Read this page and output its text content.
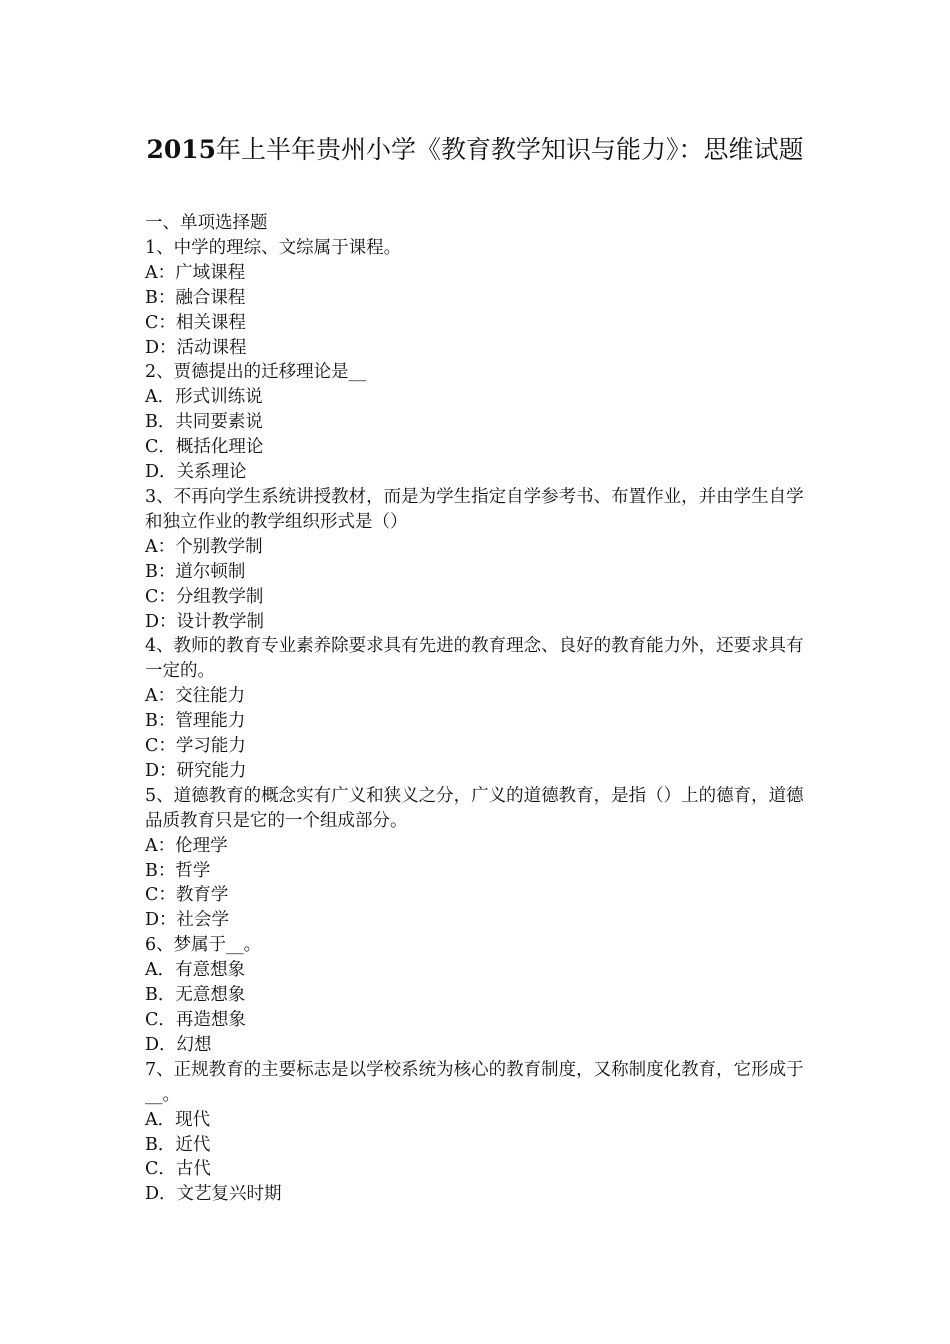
2015年上半年贵州小学《教育教学知识与能力》：思维试题

一、单项选择题

1、中学的理综、文综属于课程。

A：广域课程

B：融合课程

C：相关课程

D：活动课程

2、贾德提出的迁移理论是__

A．形式训练说

B．共同要素说

C．概括化理论

D．关系理论

3、不再向学生系统讲授教材，而是为学生指定自学参考书、布置作业，并由学生自学和独立作业的教学组织形式是（）

A：个别教学制

B：道尔顿制

C：分组教学制

D：设计教学制

4、教师的教育专业素养除要求具有先进的教育理念、良好的教育能力外，还要求具有一定的。

A：交往能力

B：管理能力

C：学习能力

D：研究能力

5、道德教育的概念实有广义和狭义之分，广义的道德教育，是指（）上的德育，道德品质教育只是它的一个组成部分。

A：伦理学

B：哲学

C：教育学

D：社会学

6、梦属于__。

A．有意想象

B．无意想象

C．再造想象

D．幻想

7、正规教育的主要标志是以学校系统为核心的教育制度，又称制度化教育，它形成于__。

A．现代

B．近代

C．古代

D．文艺复兴时期
